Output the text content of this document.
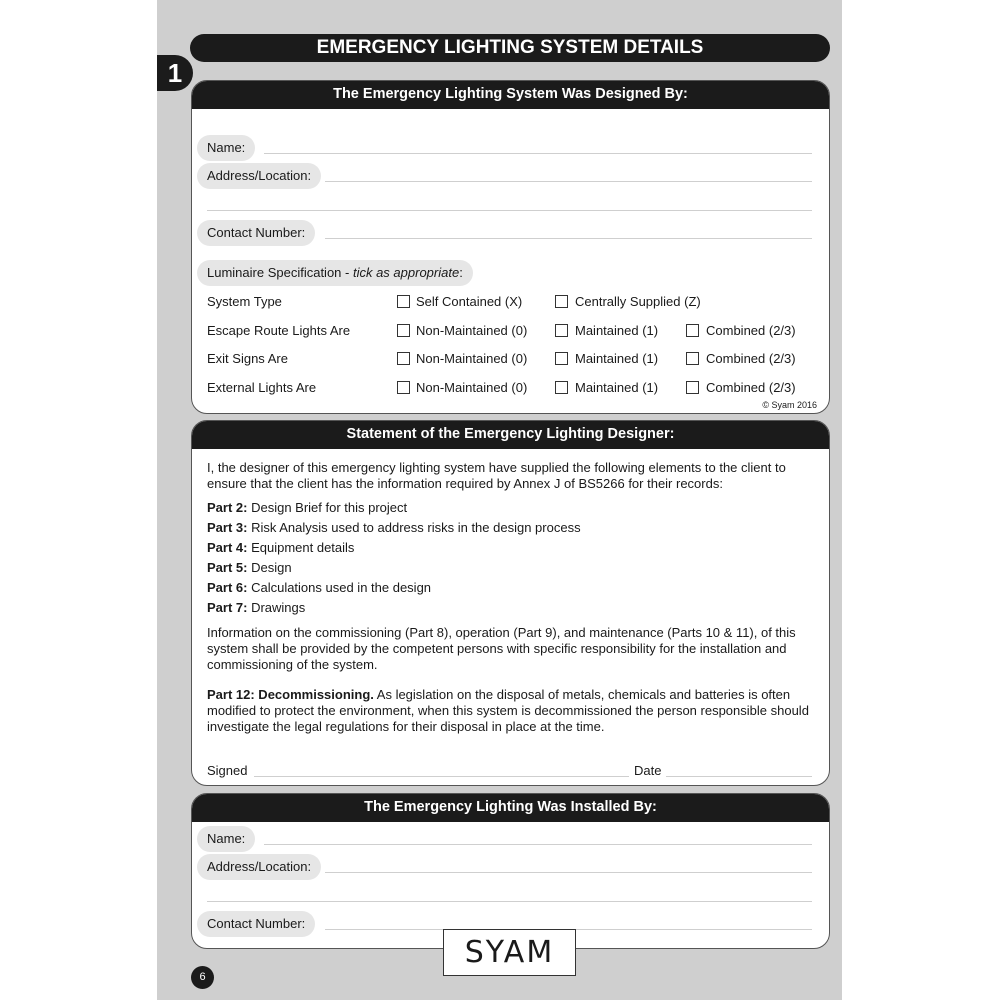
EMERGENCY LIGHTING SYSTEM DETAILS
1
The Emergency Lighting System Was Designed By:
Name:
Address/Location:
Contact Number:
Luminaire Specification - tick as appropriate:
System Type	Self Contained (X)	Centrally Supplied (Z)
Escape Route Lights Are	Non-Maintained (0)	Maintained (1)	Combined (2/3)
Exit Signs Are	Non-Maintained (0)	Maintained (1)	Combined (2/3)
External Lights Are	Non-Maintained (0)	Maintained (1)	Combined (2/3)
© Syam 2016
Statement of the Emergency Lighting Designer:
I, the designer of this emergency lighting system have supplied the following elements to the client to ensure that the client has the information required by Annex J of BS5266 for their records:
Part 2: Design Brief for this project
Part 3: Risk Analysis used to address risks in the design process
Part 4: Equipment details
Part 5: Design
Part 6: Calculations used in the design
Part 7: Drawings
Information on the commissioning (Part 8), operation (Part 9), and maintenance (Parts 10 & 11), of this system shall be provided by the competent persons with specific responsibility for the installation and commissioning of the system.
Part 12: Decommissioning. As legislation on the disposal of metals, chemicals and batteries is often modified to protect the environment, when this system is decommissioned the person responsible should investigate the legal regulations for their disposal in place at the time.
Signed	Date
The Emergency Lighting Was Installed By:
Name:
Address/Location:
Contact Number:
SYAM
6
